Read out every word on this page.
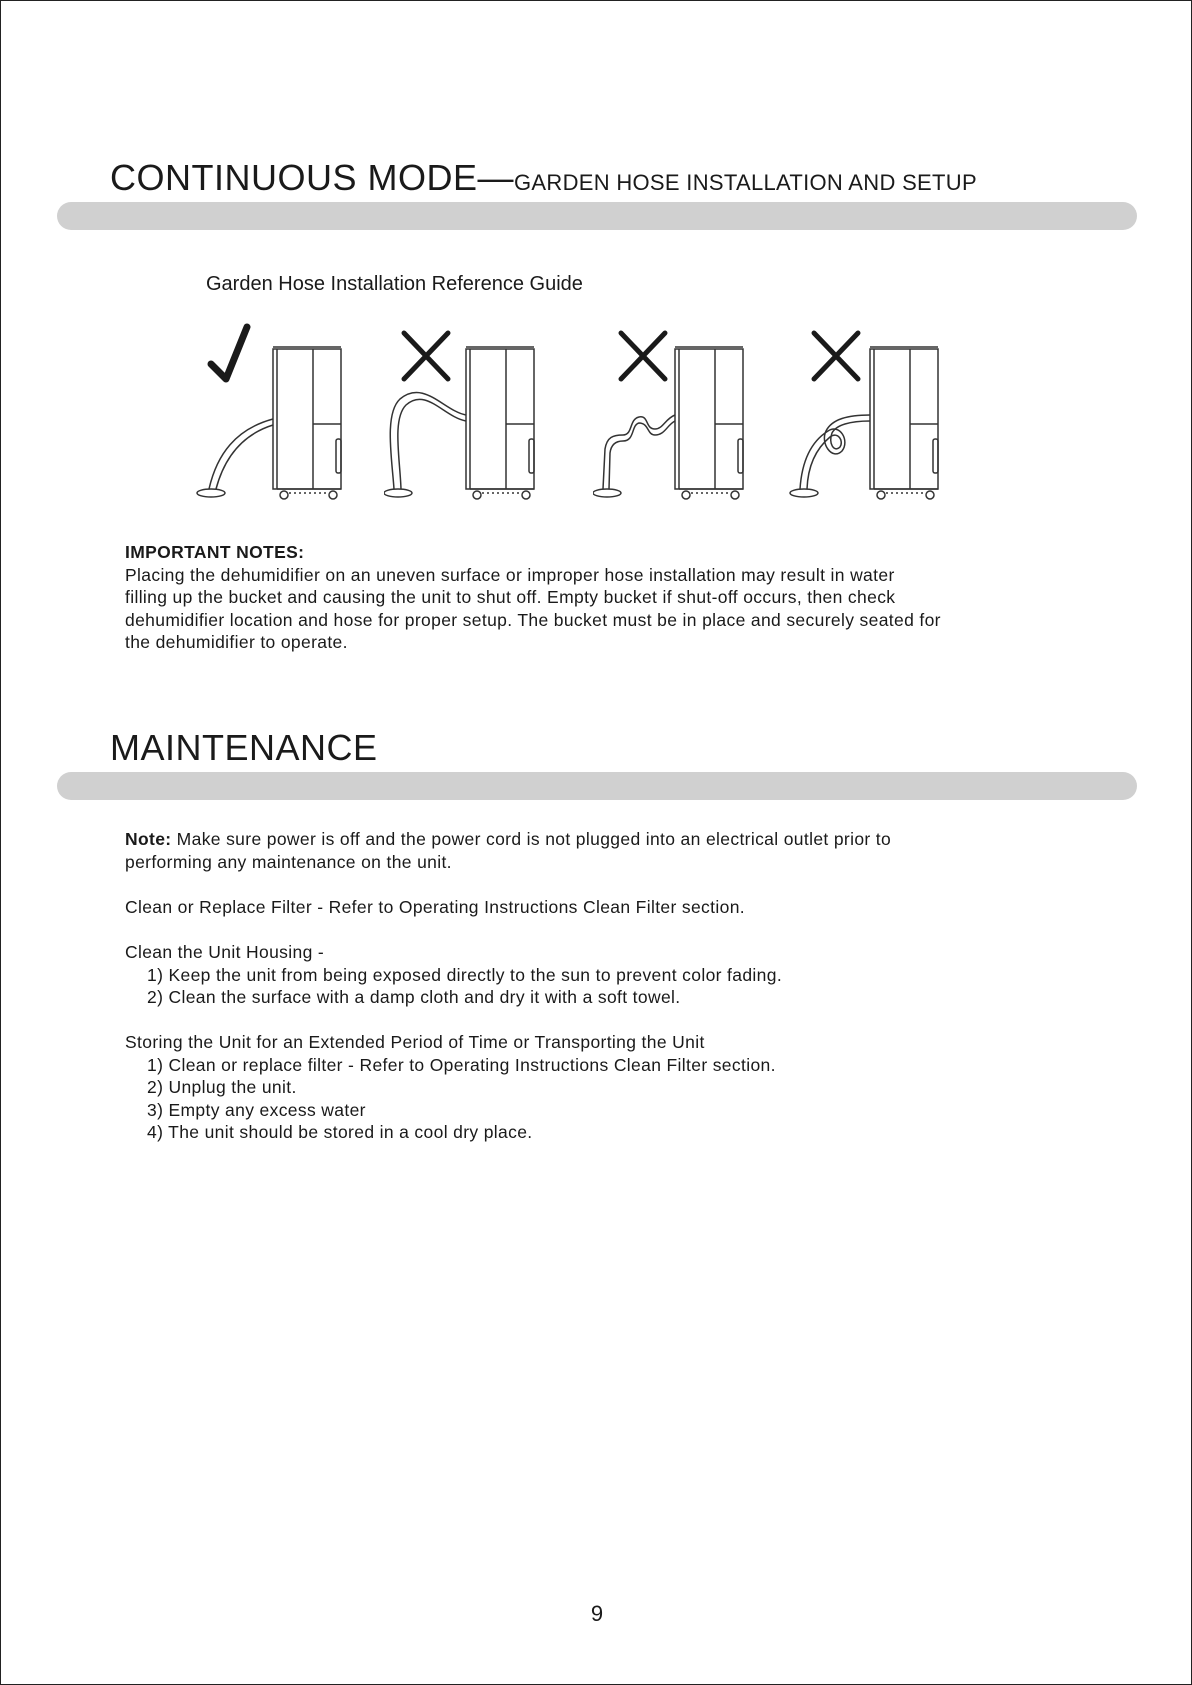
CONTINUOUS MODE—GARDEN HOSE INSTALLATION AND SETUP
Garden Hose Installation Reference Guide
IMPORTANT NOTES:
Placing the dehumidifier on an uneven surface or improper hose installation may result in water
filling up the bucket and causing the unit to shut off. Empty bucket if shut-off occurs, then check
dehumidifier location and hose for proper setup. The bucket must be in place and securely seated for
the dehumidifier to operate.
MAINTENANCE
Note: Make sure power is off and the power cord is not plugged into an electrical outlet prior to
performing any maintenance on the unit.
Clean or Replace Filter - Refer to Operating Instructions Clean Filter section.
Clean the Unit Housing -
1) Keep the unit from being exposed directly to the sun to prevent color fading.
2) Clean the surface with a damp cloth and dry it with a soft towel.
Storing the Unit for an Extended Period of Time or Transporting the Unit
1) Clean or replace filter - Refer to Operating Instructions Clean Filter section.
2) Unplug the unit.
3) Empty any excess water
4) The unit should be stored in a cool dry place.
9
